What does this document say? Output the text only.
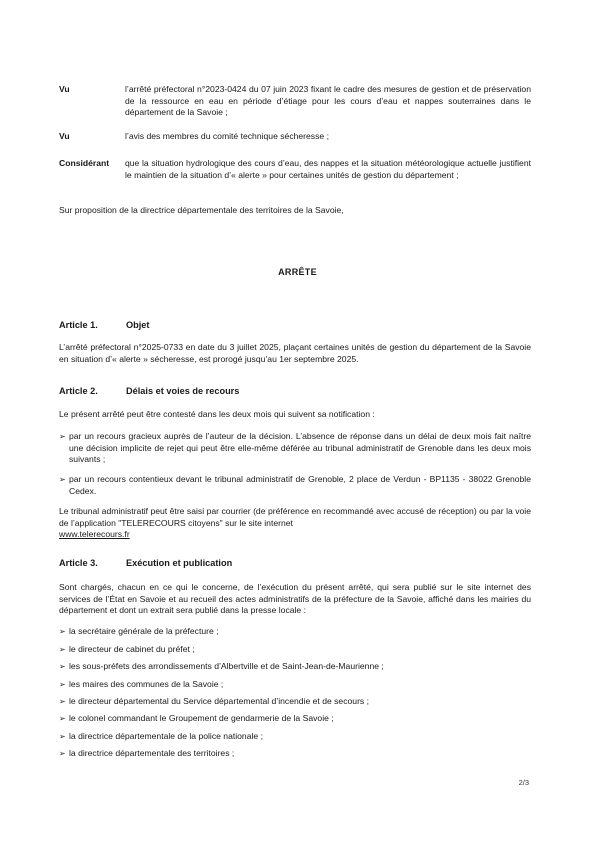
Vu	l’arrêté préfectoral n°2023-0424 du 07 juin 2023 fixant le cadre des mesures de gestion et de préservation de la ressource en eau en période d’étiage pour les cours d’eau et nappes souterraines dans le département de la Savoie ;
Vu	l’avis des membres du comité technique sécheresse ;
Considérant	que la situation hydrologique des cours d’eau, des nappes et la situation météorologique actuelle justifient le maintien de la situation d’« alerte » pour certaines unités de gestion du département ;
Sur proposition de la directrice départementale des territoires de la Savoie,
ARRÊTE
Article 1.	Objet
L’arrêté préfectoral n°2025-0733 en date du 3 juillet 2025, plaçant certaines unités de gestion du département de la Savoie en situation d’« alerte » sécheresse, est prorogé jusqu’au 1er septembre 2025.
Article 2.	Délais et voies de recours
Le présent arrêté peut être contesté dans les deux mois qui suivent sa notification :
➢ par un recours gracieux auprès de l’auteur de la décision. L’absence de réponse dans un délai de deux mois fait naître une décision implicite de rejet qui peut être elle-même déférée au tribunal administratif de Grenoble dans les deux mois suivants ;
➢ par un recours contentieux devant le tribunal administratif de Grenoble, 2 place de Verdun - BP1135 - 38022 Grenoble Cedex.
Le tribunal administratif peut être saisi par courrier (de préférence en recommandé avec accusé de réception) ou par la voie de l’application "TELERECOURS citoyens" sur le site internet
www.telerecours.fr
Article 3.	Exécution et publication
Sont chargés, chacun en ce qui le concerne, de l’exécution du présent arrêté, qui sera publié sur le site internet des services de l’État en Savoie et au recueil des actes administratifs de la préfecture de la Savoie, affiché dans les mairies du département et dont un extrait sera publié dans la presse locale :
➢ la secrétaire générale de la préfecture ;
➢ le directeur de cabinet du préfet ;
➢ les sous-préfets des arrondissements d’Albertville et de Saint-Jean-de-Maurienne ;
➢ les maires des communes de la Savoie ;
➢ le directeur départemental du Service départemental d’incendie et de secours ;
➢ le colonel commandant le Groupement de gendarmerie de la Savoie ;
➢ la directrice départementale de la police nationale ;
➢ la directrice départementale des territoires ;
2/3
